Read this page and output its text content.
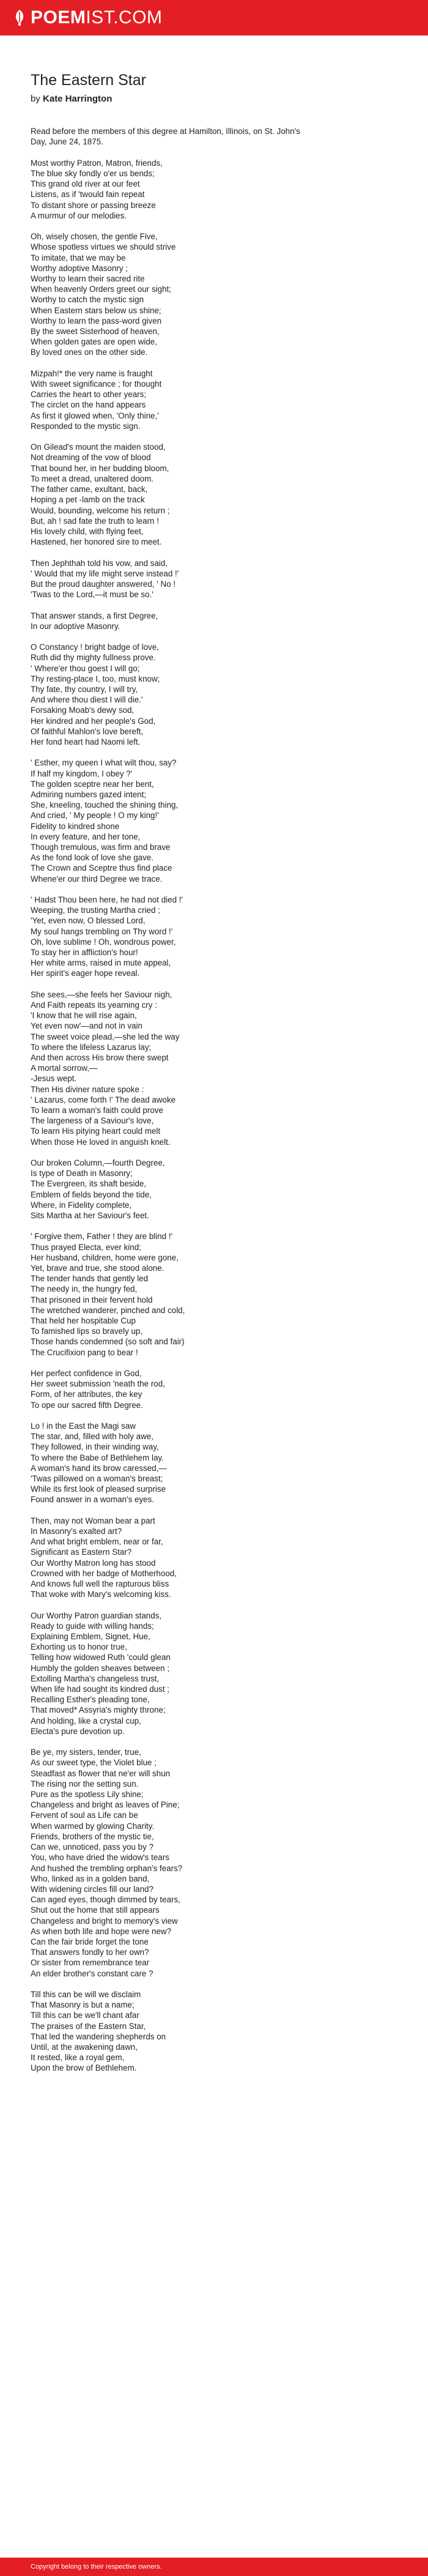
POEMIST.COM
The Eastern Star
by Kate Harrington
Read before the members of this degree at Hamilton, Illinois, on St. John's
Day, June 24, 1875.
Most worthy Patron, Matron, friends,
The blue sky fondly o'er us bends;
This grand old river at our feet
Listens, as if 'twould fain repeat
To distant shore or passing breeze
A murmur of our melodies.
Oh, wisely chosen, the gentle Five,
Whose spotless virtues we should strive
To imitate, that we may be
Worthy adoptive Masonry ;
Worthy to learn their sacred rite
When heavenly Orders greet our sight;
Worthy to catch the mystic sign
When Eastern stars below us shine;
Worthy to learn the pass-word given
By the sweet Sisterhood of heaven,
When golden gates are open wide,
By loved ones on the other side.
Mizpah!* the very name is fraught
With sweet significance ; for thought
Carries the heart to other years;
The circlet on the hand appears
As first it glowed when, 'Only thine,'
Responded to the mystic sign.
On Gilead's mount the maiden stood,
Not dreaming of the vow of blood
That bound her, in her budding bloom,
To meet a dread, unaltered doom.
The father came, exultant, back,
Hoping a pet -lamb on the track
Would, bounding, welcome his return ;
But, ah ! sad fate the truth to learn !
His lovely child, with flying feet,
Hastened, her honored sire to meet.
Then Jephthah told his vow, and said,
' Would that my life might serve instead !'
But the proud daughter answered, ' No !
'Twas to the Lord,—it must be so.'
That answer stands, a first Degree,
In our adoptive Masonry.
O Constancy ! bright badge of love,
Ruth did thy mighty fullness prove.
' Where'er thou goest I will go;
Thy resting-place I, too, must know;
Thy fate, thy country, I will try,
And where thou diest I will die.'
Forsaking Moab's dewy sod,
Her kindred and her people's God,
Of faithful Mahlon's love bereft,
Her fond heart had Naomi left.
' Esther, my queen I what wilt thou, say?
If half my kingdom, I obey ?'
The golden sceptre near her bent,
Admiring numbers gazed intent;
She, kneeling, touched the shining thing,
And cried, ' My people ! O my king!'
Fidelity to kindred shone
In every feature, and her tone,
Though tremulous, was firm and brave
As the fond look of love she gave.
The Crown and Sceptre thus find place
Whene'er our third Degree we trace.
' Hadst Thou been here, he had not died !'
Weeping, the trusting Martha cried ;
'Yet, even now, O blessed Lord,
My soul hangs trembling on Thy word !'
Oh, love sublime ! Oh, wondrous power,
To stay her in affliction's hour!
Her white arms, raised in mute appeal,
Her spirit's eager hope reveal.
She sees,—she feels her Saviour nigh,
And Faith repeats its yearning cry :
'I know that he will rise again,
Yet even now'—and not in vain
The sweet voice plead,—she led the way
To where the lifeless Lazarus lay;
And then across His brow there swept
A mortal sorrow,—
-Jesus wept.
Then His diviner nature spoke :
' Lazarus, come forth !' The dead awoke
To learn a woman's faith could prove
The largeness of a Saviour's love,
To learn His pitying heart could melt
When those He loved in anguish knelt.
Our broken Column,—fourth Degree,
Is type of Death in Masonry;
The Evergreen, its shaft beside,
Emblem of fields beyond the tide,
Where, in Fidelity complete,
Sits Martha at her Saviour's feet.
' Forgive them, Father ! they are blind !'
Thus prayed Electa, ever kind;
Her husband, children, home were gone,
Yet, brave and true, she stood alone.
The tender hands that gently led
The needy in, the hungry fed,
That prisoned in their fervent hold
The wretched wanderer, pinched and cold,
That held her hospitable Cup
To famished lips so bravely up,
Those hands condemned (so soft and fair)
The Crucifixion pang to bear !
Her perfect confidence in God,
Her sweet submission 'neath the rod,
Form, of her attributes, the key
To ope our sacred fifth Degree.
Lo ! in the East the Magi saw
The star, and, filled with holy awe,
They followed, in their winding way,
To where the Babe of Bethlehem lay.
A woman's hand its brow caressed,—
'Twas pillowed on a woman's breast;
While its first look of pleased surprise
Found answer in a woman's eyes.
Then, may not Woman bear a part
In Masonry's exalted art?
And what bright emblem, near or far,
Significant as Eastern Star?
Our Worthy Matron long has stood
Crowned with her badge of Motherhood,
And knows full well the rapturous bliss
That woke with Mary's welcoming kiss.
Our Worthy Patron guardian stands,
Ready to guide with willing hands;
Explaining Emblem, Signet, Hue,
Exhorting us to honor true,
Telling how widowed Ruth 'could glean
Humbly the golden sheaves between ;
Extolling Martha's changeless trust,
When life had sought its kindred dust ;
Recalling Esther's pleading tone,
That moved* Assyria's mighty throne;
And holding, like a crystal cup,
Electa's pure devotion up.
Be ye, my sisters, tender, true,
As our sweet type, the Violet blue ;
Steadfast as flower that ne'er will shun
The rising nor the setting sun.
Pure as the spotless Lily shine;
Changeless and bright as leaves of Pine;
Fervent of soul as Life can be
When warmed by glowing Charity.
Friends, brothers of the mystic tie,
Can we, unnoticed, pass you by ?
You, who have dried the widow's tears
And hushed the trembling orphan's fears?
Who, linked as in a golden band,
With widening circles fill our land?
Can aged eyes, though dimmed by tears,
Shut out the home that still appears
Changeless and bright to memory's view
As when both life and hope were new?
Can the fair bride forget the tone
That answers fondly to her own?
Or sister from remembrance tear
An elder brother's constant care ?
Till this can be will we disclaim
That Masonry is but a name;
Till this can be we'll chant afar
The praises of the Eastern Star,
That led the wandering shepherds on
Until, at the awakening dawn,
It rested, like a royal gem,
Upon the brow of Bethlehem.
Copyright belong to their respective owners.
